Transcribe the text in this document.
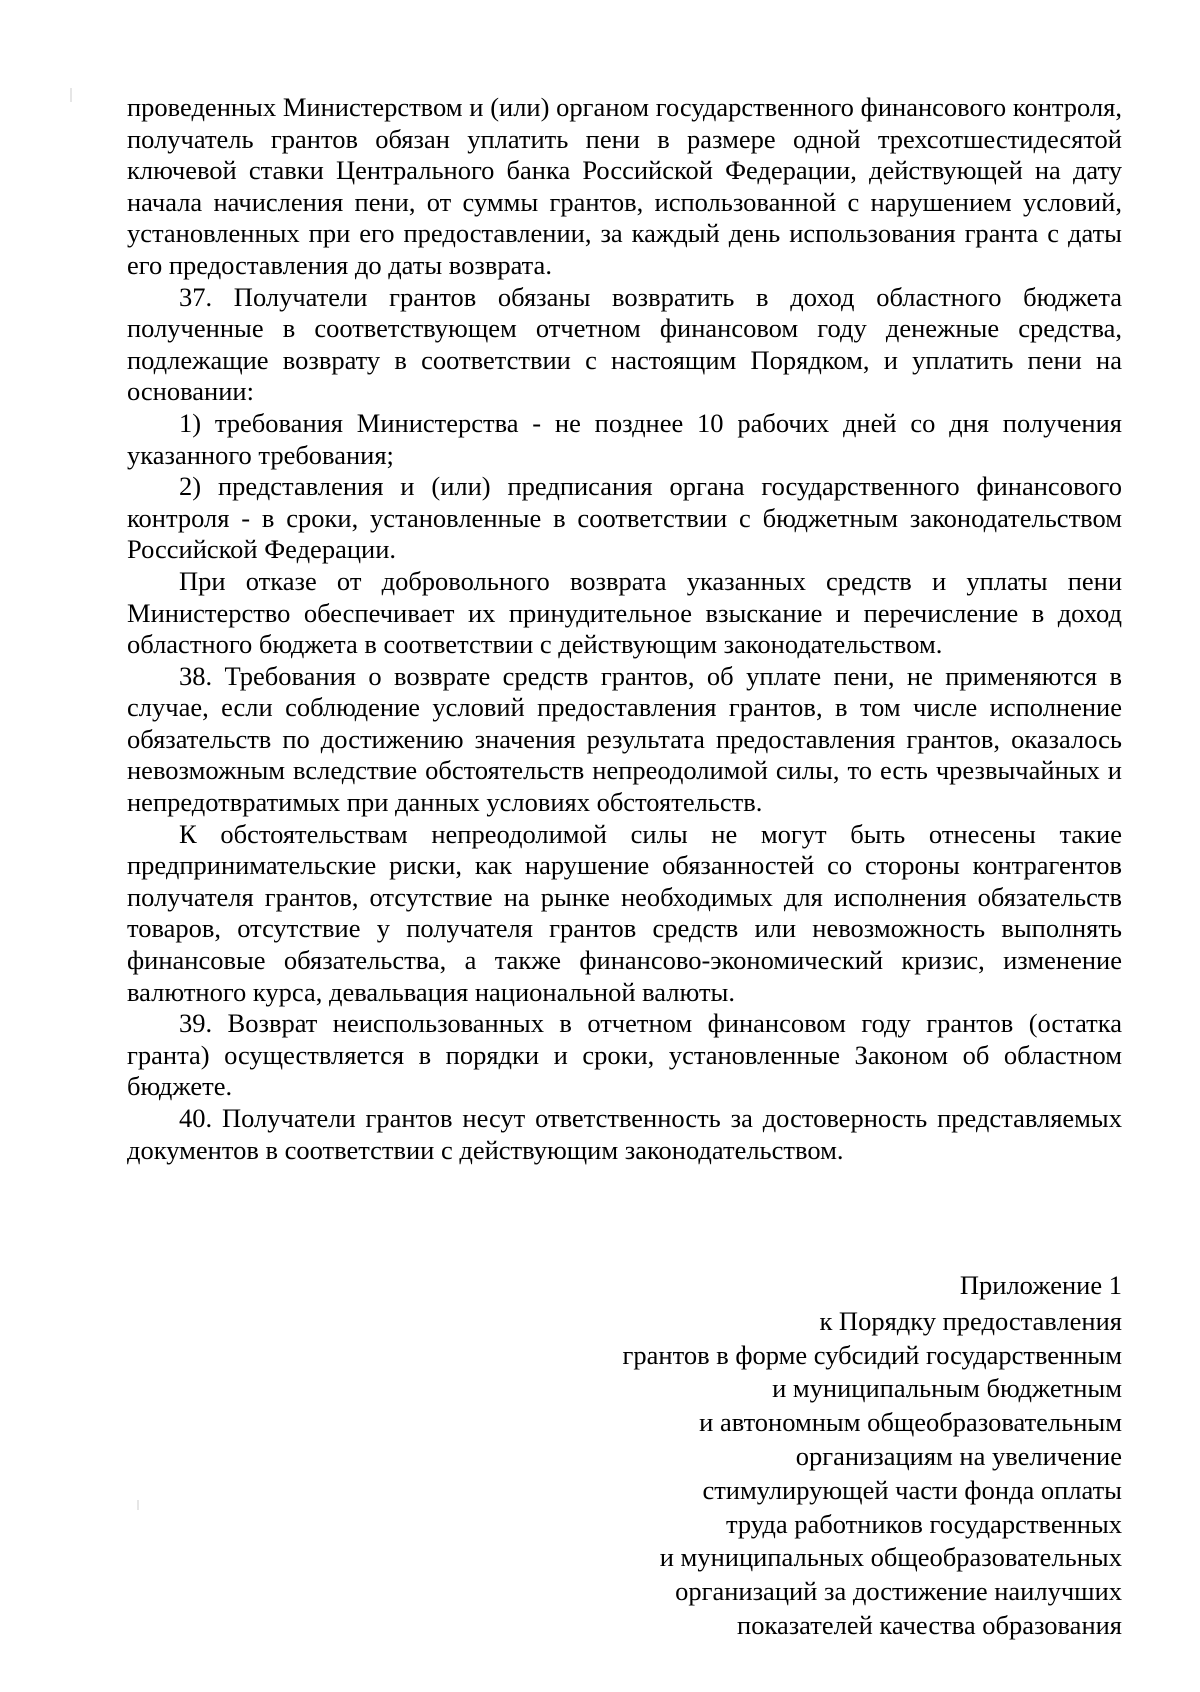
проведенных Министерством и (или) органом государственного финансового контроля, получатель грантов обязан уплатить пени в размере одной трехсотшестидесятой ключевой ставки Центрального банка Российской Федерации, действующей на дату начала начисления пени, от суммы грантов, использованной с нарушением условий, установленных при его предоставлении, за каждый день использования гранта с даты его предоставления до даты возврата.

37. Получатели грантов обязаны возвратить в доход областного бюджета полученные в соответствующем отчетном финансовом году денежные средства, подлежащие возврату в соответствии с настоящим Порядком, и уплатить пени на основании:

1) требования Министерства - не позднее 10 рабочих дней со дня получения указанного требования;

2) представления и (или) предписания органа государственного финансового контроля - в сроки, установленные в соответствии с бюджетным законодательством Российской Федерации.

При отказе от добровольного возврата указанных средств и уплаты пени Министерство обеспечивает их принудительное взыскание и перечисление в доход областного бюджета в соответствии с действующим законодательством.

38. Требования о возврате средств грантов, об уплате пени, не применяются в случае, если соблюдение условий предоставления грантов, в том числе исполнение обязательств по достижению значения результата предоставления грантов, оказалось невозможным вследствие обстоятельств непреодолимой силы, то есть чрезвычайных и непредотвратимых при данных условиях обстоятельств.

К обстоятельствам непреодолимой силы не могут быть отнесены такие предпринимательские риски, как нарушение обязанностей со стороны контрагентов получателя грантов, отсутствие на рынке необходимых для исполнения обязательств товаров, отсутствие у получателя грантов средств или невозможность выполнять финансовые обязательства, а также финансово-экономический кризис, изменение валютного курса, девальвация национальной валюты.

39. Возврат неиспользованных в отчетном финансовом году грантов (остатка гранта) осуществляется в порядки и сроки, установленные Законом об областном бюджете.

40. Получатели грантов несут ответственность за достоверность представляемых документов в соответствии с действующим законодательством.

Приложение 1
к Порядку предоставления
грантов в форме субсидий государственным
и муниципальным бюджетным
и автономным общеобразовательным
организациям на увеличение
стимулирующей части фонда оплаты
труда работников государственных
и муниципальных общеобразовательных
организаций за достижение наилучших
показателей качества образования
